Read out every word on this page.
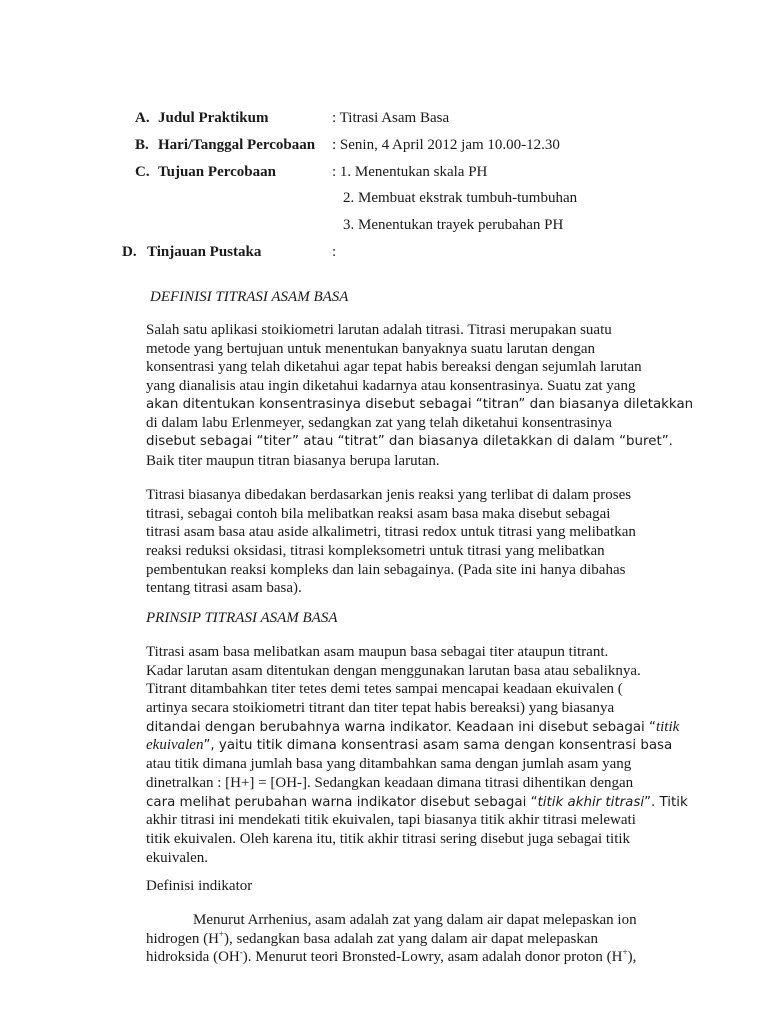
A. Judul Praktikum	: Titrasi Asam Basa
B. Hari/Tanggal Percobaan : Senin, 4 April 2012 jam 10.00-12.30
C. Tujuan Percobaan	: 1. Menentukan skala PH
2. Membuat ekstrak tumbuh-tumbuhan
3. Menentukan trayek perubahan PH
D. Tinjauan Pustaka	:
DEFINISI TITRASI ASAM BASA
Salah satu aplikasi stoikiometri larutan adalah titrasi. Titrasi merupakan suatu
metode yang bertujuan untuk menentukan banyaknya suatu larutan dengan
konsentrasi yang telah diketahui agar tepat habis bereaksi dengan sejumlah larutan
yang dianalisis atau ingin diketahui kadarnya atau konsentrasinya. Suatu zat yang
akan ditentukan konsentrasinya disebut sebagai “titran” dan biasanya diletakkan
di dalam labu Erlenmeyer, sedangkan zat yang telah diketahui konsentrasinya
disebut sebagai “titer” atau “titrat” dan biasanya diletakkan di dalam “buret”.
Baik titer maupun titran biasanya berupa larutan.
Titrasi biasanya dibedakan berdasarkan jenis reaksi yang terlibat di dalam proses
titrasi, sebagai contoh bila melibatkan reaksi asam basa maka disebut sebagai
titrasi asam basa atau aside alkalimetri, titrasi redox untuk titrasi yang melibatkan
reaksi reduksi oksidasi, titrasi kompleksometri untuk titrasi yang melibatkan
pembentukan reaksi kompleks dan lain sebagainya. (Pada site ini hanya dibahas
tentang titrasi asam basa).
PRINSIP TITRASI ASAM BASA
Titrasi asam basa melibatkan asam maupun basa sebagai titer ataupun titrant.
Kadar larutan asam ditentukan dengan menggunakan larutan basa atau sebaliknya.
Titrant ditambahkan titer tetes demi tetes sampai mencapai keadaan ekuivalen (
artinya secara stoikiometri titrant dan titer tepat habis bereaksi) yang biasanya
ditandai dengan berubahnya warna indikator. Keadaan ini disebut sebagai “titik
ekuivalen”, yaitu titik dimana konsentrasi asam sama dengan konsentrasi basa
atau titik dimana jumlah basa yang ditambahkan sama dengan jumlah asam yang
dinetralkan : [H+] = [OH-]. Sedangkan keadaan dimana titrasi dihentikan dengan
cara melihat perubahan warna indikator disebut sebagai “titik akhir titrasi”. Titik
akhir titrasi ini mendekati titik ekuivalen, tapi biasanya titik akhir titrasi melewati
titik ekuivalen. Oleh karena itu, titik akhir titrasi sering disebut juga sebagai titik
ekuivalen.
Definisi indikator
Menurut Arrhenius, asam adalah zat yang dalam air dapat melepaskan ion
hidrogen (H+), sedangkan basa adalah zat yang dalam air dapat melepaskan
hidroksida (OH-). Menurut teori Bronsted-Lowry, asam adalah donor proton (H+),
